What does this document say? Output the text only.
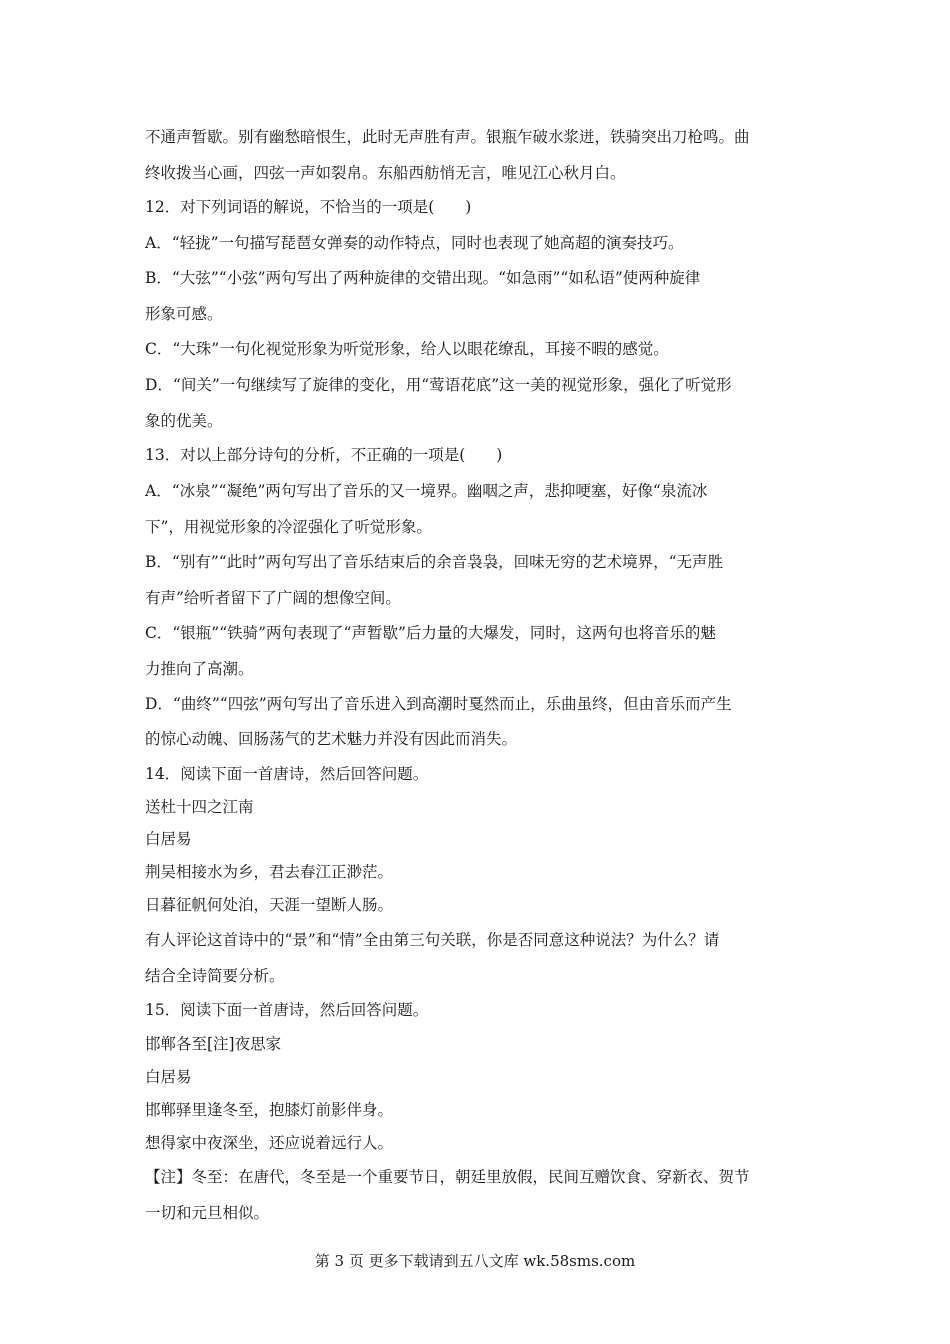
不通声暂歇。别有幽愁暗恨生，此时无声胜有声。银瓶乍破水浆迸，铁骑突出刀枪鸣。曲
终收拨当心画，四弦一声如裂帛。东船西舫悄无言，唯见江心秋月白。
12．对下列词语的解说，不恰当的一项是(　　)
A．“轻拢”一句描写琵琶女弹奏的动作特点，同时也表现了她高超的演奏技巧。
B．“大弦”“小弦”两句写出了两种旋律的交错出现。“如急雨”“如私语”使两种旋律
形象可感。
C．“大珠”一句化视觉形象为听觉形象，给人以眼花缭乱，耳接不暇的感觉。
D．“间关”一句继续写了旋律的变化，用“莺语花底”这一美的视觉形象，强化了听觉形
象的优美。
13．对以上部分诗句的分析，不正确的一项是(　　)
A．“冰泉”“凝绝”两句写出了音乐的又一境界。幽咽之声，悲抑哽塞，好像“泉流冰
下”，用视觉形象的冷涩强化了听觉形象。
B．“别有”“此时”两句写出了音乐结束后的余音袅袅，回味无穷的艺术境界，“无声胜
有声”给听者留下了广阔的想像空间。
C．“银瓶”“铁骑”两句表现了“声暂歇”后力量的大爆发，同时，这两句也将音乐的魅
力推向了高潮。
D．“曲终”“四弦”两句写出了音乐进入到高潮时戛然而止，乐曲虽终，但由音乐而产生
的惊心动魄、回肠荡气的艺术魅力并没有因此而消失。
14．阅读下面一首唐诗，然后回答问题。
送杜十四之江南
白居易
荆吴相接水为乡，君去春江正渺茫。
日暮征帆何处泊，天涯一望断人肠。
有人评论这首诗中的“景”和“情”全由第三句关联，你是否同意这种说法？为什么？请
结合全诗简要分析。
15．阅读下面一首唐诗，然后回答问题。
邯郸各至[注]夜思家
白居易
邯郸驿里逢冬至，抱膝灯前影伴身。
想得家中夜深坐，还应说着远行人。
【注】冬至：在唐代，冬至是一个重要节日，朝廷里放假，民间互赠饮食、穿新衣、贺节
一切和元旦相似。
第 3 页 更多下载请到五八文库 wk.58sms.com
